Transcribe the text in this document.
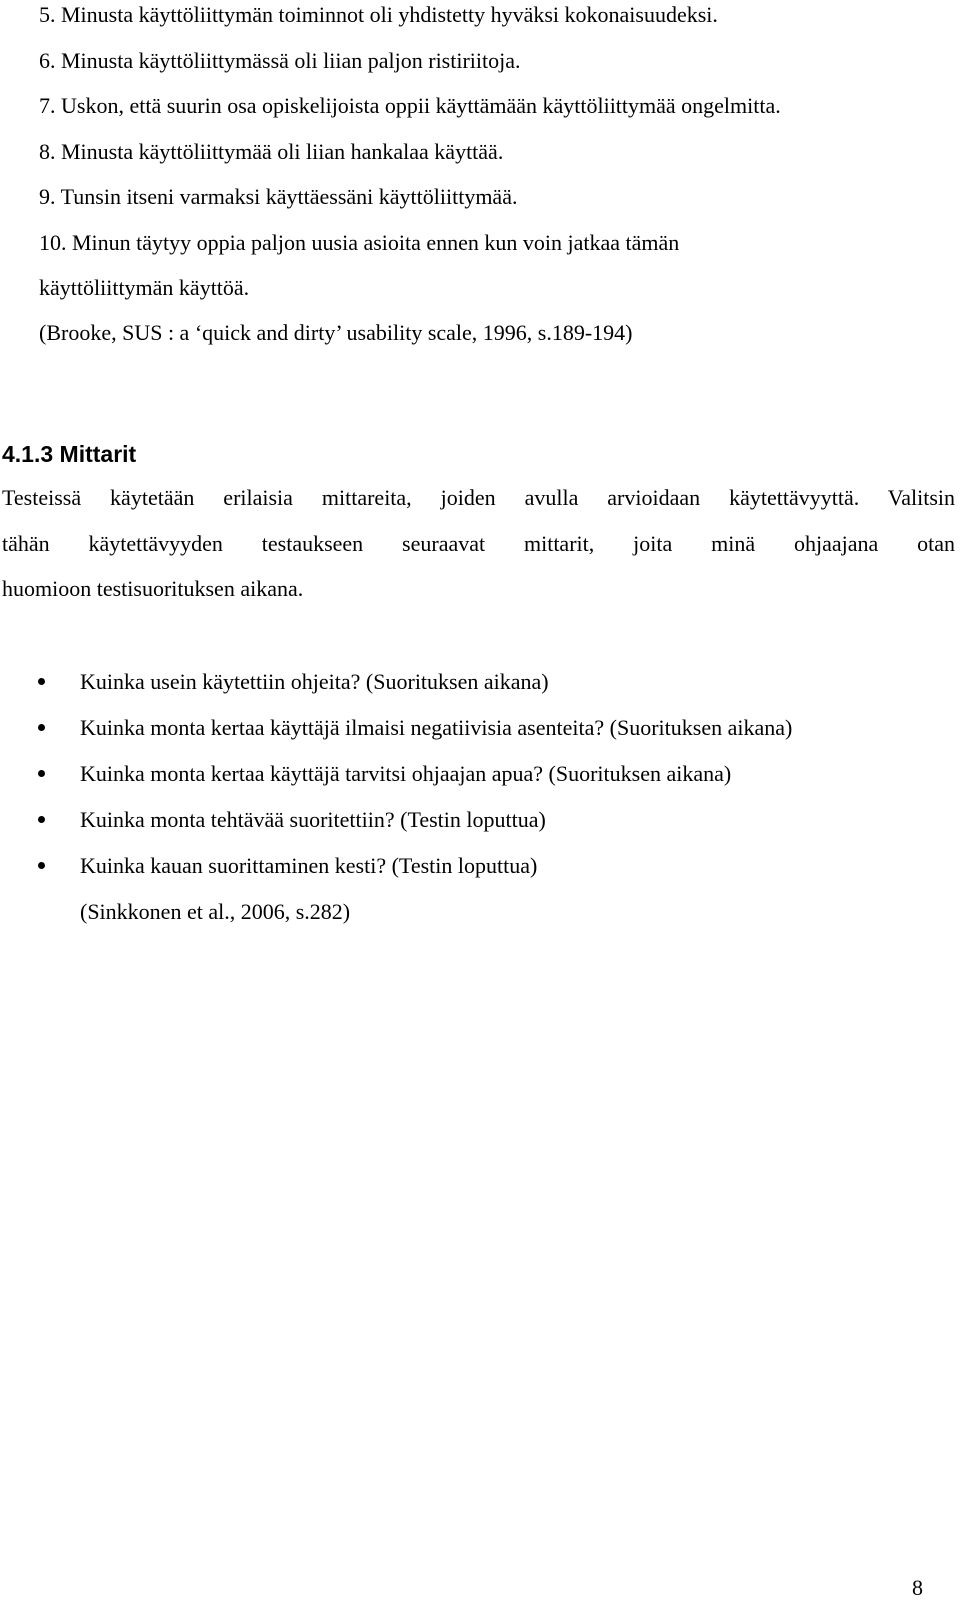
5. Minusta käyttöliittymän toiminnot oli yhdistetty hyväksi kokonaisuudeksi.
6. Minusta käyttöliittymässä oli liian paljon ristiriitoja.
7. Uskon, että suurin osa opiskelijoista oppii käyttämään käyttöliittymää ongelmitta.
8. Minusta käyttöliittymää oli liian hankalaa käyttää.
9. Tunsin itseni varmaksi käyttäessäni käyttöliittymää.
10. Minun täytyy oppia paljon uusia asioita ennen kun voin jatkaa tämän
käyttöliittymän käyttöä.
(Brooke, SUS : a ‘quick and dirty’ usability scale, 1996, s.189-194)
4.1.3 Mittarit
Testeissä käytetään erilaisia mittareita, joiden avulla arvioidaan käytettävyyttä. Valitsin
tähän käytettävyyden testaukseen seuraavat mittarit, joita minä ohjaajana otan
huomioon testisuorituksen aikana.
Kuinka usein käytettiin ohjeita? (Suorituksen aikana)
Kuinka monta kertaa käyttäjä ilmaisi negatiivisia asenteita? (Suorituksen aikana)
Kuinka monta kertaa käyttäjä tarvitsi ohjaajan apua? (Suorituksen aikana)
Kuinka monta tehtävää suoritettiin? (Testin loputtua)
Kuinka kauan suorittaminen kesti? (Testin loputtua)
(Sinkkonen et al., 2006, s.282)
8
